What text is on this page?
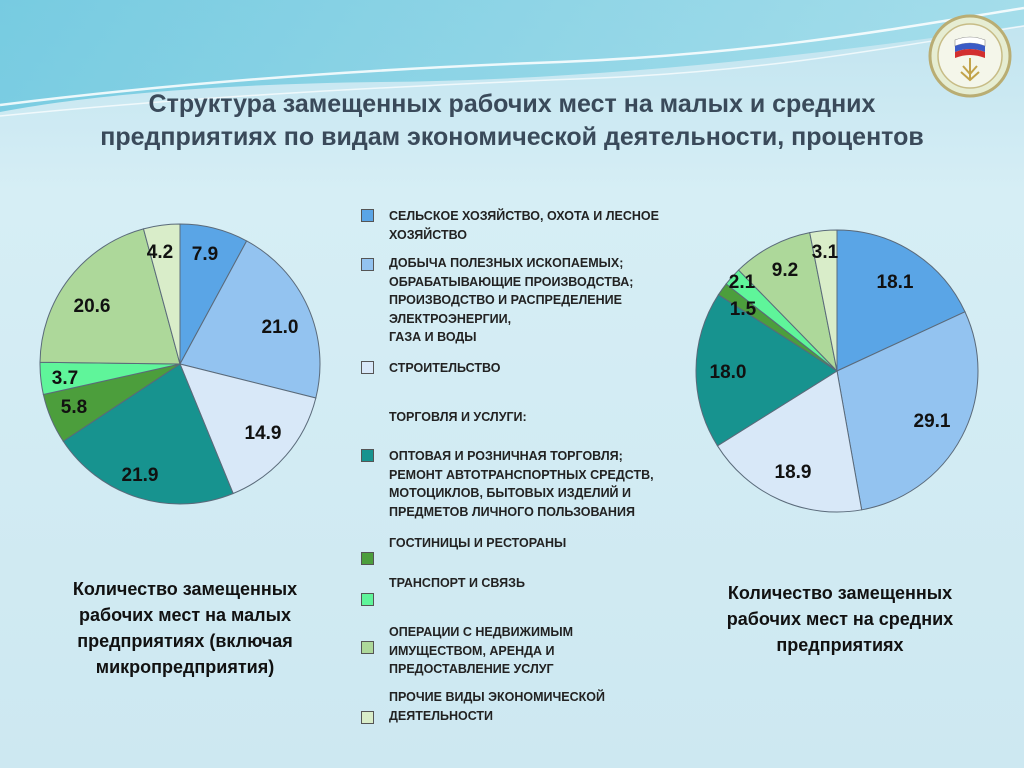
7.9
21.0
14.9
21.9
5.8
3.7
20.6
4.2
18.1
29.1
18.9
18.0
1.5
2.1
9.2
3.1
Структура замещенных рабочих мест на малых и средних
предприятиях по видам экономической деятельности, процентов
СЕЛЬСКОЕ ХОЗЯЙСТВО, ОХОТА И ЛЕСНОЕ
ХОЗЯЙСТВО
ДОБЫЧА ПОЛЕЗНЫХ ИСКОПАЕМЫХ;
ОБРАБАТЫВАЮЩИЕ ПРОИЗВОДСТВА;
ПРОИЗВОДСТВО И РАСПРЕДЕЛЕНИЕ
ЭЛЕКТРОЭНЕРГИИ,
ГАЗА И ВОДЫ
СТРОИТЕЛЬСТВО
ОПТОВАЯ И РОЗНИЧНАЯ ТОРГОВЛЯ;
РЕМОНТ АВТОТРАНСПОРТНЫХ СРЕДСТВ,
МОТОЦИКЛОВ, БЫТОВЫХ ИЗДЕЛИЙ И
ПРЕДМЕТОВ ЛИЧНОГО ПОЛЬЗОВАНИЯ
ГОСТИНИЦЫ И РЕСТОРАНЫ
ТРАНСПОРТ И СВЯЗЬ
ОПЕРАЦИИ С НЕДВИЖИМЫМ
ИМУЩЕСТВОМ, АРЕНДА И
ПРЕДОСТАВЛЕНИЕ УСЛУГ
ПРОЧИЕ ВИДЫ ЭКОНОМИЧЕСКОЙ
ДЕЯТЕЛЬНОСТИ
ТОРГОВЛЯ И УСЛУГИ:
Количество замещенных
рабочих мест на малых
предприятиях (включая
микропредприятия)
Количество замещенных
рабочих мест на средних
предприятиях
